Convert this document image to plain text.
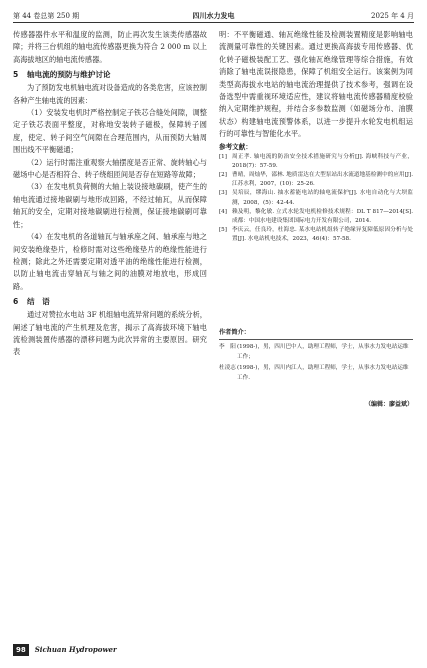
第 44 卷总第 250 期	四川水力发电	2025 年 4 月

传感器器件水平和温度的监测，防止再次发生该类传感器故障；并将三台机组的轴电流传感器更换为符合 2 000 m 以上高海拔地区的轴电流传感器。

5 轴电流的预防与维护讨论

为了预防发电机轴电流对设备造成的各类危害，应该控制各种产生轴电流的因素：

（1）安装发电机时严格控制定子铁芯合缝处间隙，调整定子铁芯表面平整度，对称地安装转子磁极，保障转子圆度，使定、转子间空气间隙在合理范围内，从而预防大轴周围出线不平衡磁通；

（2）运行时需注重观察大轴摆度是否正常、旋转轴心与磁场中心是否相符合、转子绕组匝间是否存在短路等故障；

（3）在发电机负荷侧的大轴上装设接地碳刷，使产生的轴电流通过接地碳刷与地形成回路，不经过轴瓦，从而保障轴瓦的安全，定期对接地碳刷进行检测，保证接地碳刷可靠性；

（4）在发电机的各道轴瓦与轴承座之间、轴承座与地之间安装绝缘垫片，检修时需对这些绝缘垫片的绝缘性能进行检测；除此之外还需要定期对透平油的绝缘性能进行检测，以防止轴电流击穿轴瓦与轴之间的油膜对地放电，形成回路。

6 结　语

通过对赞拉水电站 3F 机组轴电流异常问题的系统分析，阐述了轴电流的产生机理及危害，揭示了高海拔环境下轴电流检测装置传感器的漂移问题为此次异常的主要原因。研究表

明：不平衡磁通、轴瓦绝缘性能及检测装置精度是影响轴电流测量可靠性的关键因素。通过更换高海拔专用传感器、优化转子磁极装配工艺、强化轴瓦绝缘管理等综合措施，有效消除了轴电流误报隐患，保障了机组安全运行。该案例为同类型高海拔水电站的轴电流治理提供了技术参考，强调在设备选型中需重视环境适应性，建议将轴电流传感器精度校验纳入定期维护规程，并结合多参数监测（如磁场分布、油膜状态）构建轴电流预警体系，以进一步提升水轮发电机组运行的可靠性与智能化水平。

参考文献：
[1] 周正孝. 轴电流的防治安全技术措施研究与分析[J]. 海峡科技与产业，2018(7)：57-59.
[2] 曹晴，周灿华，邵林. 地质雷达在大型泵站出水流道地基检测中的应用[J]. 江苏水利，2007，(10)：25-26.
[3] 吴培辰，缪海山. 抽水蓄能电站的轴电流保护[J]. 水电自动化与大坝监测，2008，(5)：42-44.
[4] 赖及明，黎化敏. 立式水轮发电机检修技术规程：DL T 817—2014[S]. 成都：中国水电建设集团国际电力开发有限公司，2014.
[5] 李庆云，任良玲，杜海忠. 某水电站机组转子绝缘异复障低原因分析与处置[J]. 水电站机电技术，2023，46(4)：57-58.
作者简介：
李　阳 (1998-)，男，四川巴中人，助理工程师，学士，从事水力发电站运维工作；
杜凌志 (1998-)，男，四川内江人，助理工程师，学士，从事水力发电站运维工作.
（编辑：廖益斌）
98 Sichuan Hydropower
